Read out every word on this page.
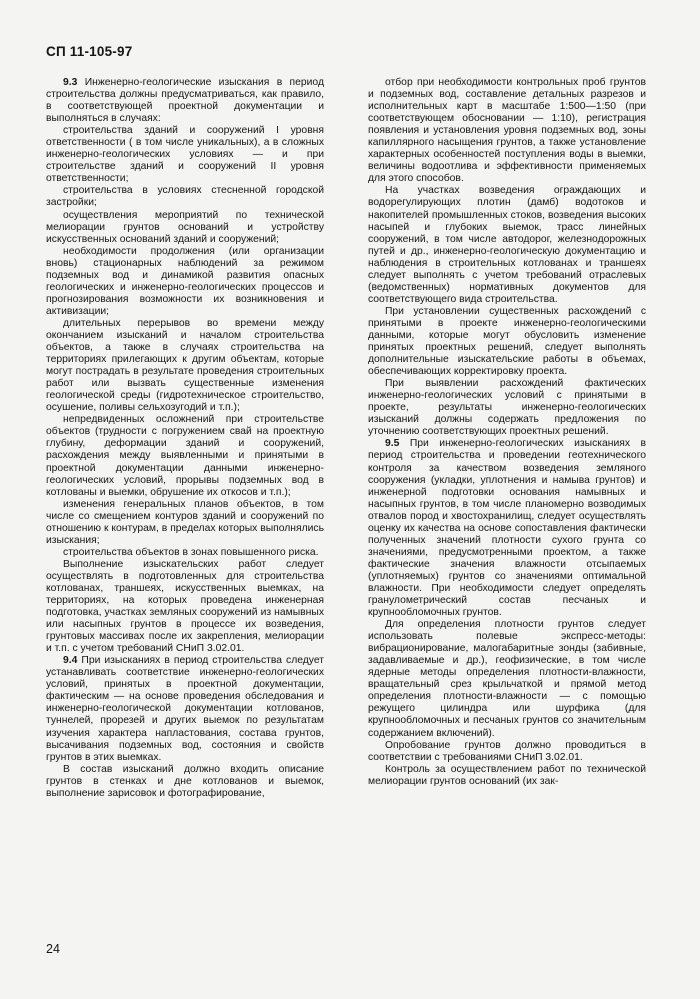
СП 11-105-97

9.3 Инженерно-геологические изыскания в период строительства должны предусматриваться, как правило, в соответствующей проектной документации и выполняться в случаях:

строительства зданий и сооружений I уровня ответственности ( в том числе уникальных), а в сложных инженерно-геологических условиях — и при строительстве зданий и сооружений II уровня ответственности;

строительства в условиях стесненной городской застройки;

осуществления мероприятий по технической мелиорации грунтов оснований и устройству искусственных оснований зданий и сооружений;

необходимости продолжения (или организации вновь) стационарных наблюдений за режимом подземных вод и динамикой развития опасных геологических и инженерно-геологических процессов и прогнозирования возможности их возникновения и активизации;

длительных перерывов во времени между окончанием изысканий и началом строительства объектов, а также в случаях строительства на территориях прилегающих к другим объектам, которые могут пострадать в результате проведения строительных работ или вызвать существенные изменения геологической среды (гидротехническое строительство, осушение, поливы сельхозугодий и т.п.);

непредвиденных осложнений при строительстве объектов (трудности с погружением свай на проектную глубину, деформации зданий и сооружений, расхождения между выявленными и принятыми в проектной документации данными инженерно-геологических условий, прорывы подземных вод в котлованы и выемки, обрушение их откосов и т.п.);

изменения генеральных планов объектов, в том числе со смещением контуров зданий и сооружений по отношению к контурам, в пределах которых выполнялись изыскания;

строительства объектов в зонах повышенного риска.

Выполнение изыскательских работ следует осуществлять в подготовленных для строительства котлованах, траншеях, искусственных выемках, на территориях, на которых проведена инженерная подготовка, участках земляных сооружений из намывных или насыпных грунтов в процессе их возведения, грунтовых массивах после их закрепления, мелиорации и т.п. с учетом требований СНиП 3.02.01.

9.4 При изысканиях в период строительства следует устанавливать соответствие инженерно-геологических условий, принятых в проектной документации, фактическим — на основе проведения обследования и инженерно-геологической документации котлованов, туннелей, прорезей и других выемок по результатам изучения характера напластования, состава грунтов, высачивания подземных вод, состояния и свойств грунтов в этих выемках.

В состав изысканий должно входить описание грунтов в стенках и дне котлованов и выемок, выполнение зарисовок и фотографирование,

отбор при необходимости контрольных проб грунтов и подземных вод, составление детальных разрезов и исполнительных карт в масштабе 1:500—1:50 (при соответствующем обосновании — 1:10), регистрация появления и установления уровня подземных вод, зоны капиллярного насыщения грунтов, а также установление характерных особенностей поступления воды в выемки, величины водоотлива и эффективности применяемых для этого способов.

На участках возведения ограждающих и водорегулирующих плотин (дамб) водотоков и накопителей промышленных стоков, возведения высоких насыпей и глубоких выемок, трасс линейных сооружений, в том числе автодорог, железнодорожных путей и др., инженерно-геологическую документацию и наблюдения в строительных котлованах и траншеях следует выполнять с учетом требований отраслевых (ведомственных) нормативных документов для соответствующего вида строительства.

При установлении существенных расхождений с принятыми в проекте инженерно-геологическими данными, которые могут обусловить изменение принятых проектных решений, следует выполнять дополнительные изыскательские работы в объемах, обеспечивающих корректировку проекта.

При выявлении расхождений фактических инженерно-геологических условий с принятыми в проекте, результаты инженерно-геологических изысканий должны содержать предложения по уточнению соответствующих проектных решений.

9.5 При инженерно-геологических изысканиях в период строительства и проведении геотехнического контроля за качеством возведения земляного сооружения (укладки, уплотнения и намыва грунтов) и инженерной подготовки основания намывных и насыпных грунтов, в том числе планомерно возводимых отвалов пород и хвостохранилищ, следует осуществлять оценку их качества на основе сопоставления фактически полученных значений плотности сухого грунта со значениями, предусмотренными проектом, а также фактические значения влажности отсыпаемых (уплотняемых) грунтов со значениями оптимальной влажности. При необходимости следует определять гранулометрический состав песчаных и крупнообломочных грунтов.

Для определения плотности грунтов следует использовать полевые экспресс-методы: вибрационирование, малогабаритные зонды (забивные, задавливаемые и др.), геофизические, в том числе ядерные методы определения плотности-влажности, вращательный срез крыльчаткой и прямой метод определения плотности-влажности — с помощью режущего цилиндра или шурфика (для крупнообломочных и песчаных грунтов со значительным содержанием включений).

Опробование грунтов должно проводиться в соответствии с требованиями СНиП 3.02.01.

Контроль за осуществлением работ по технической мелиорации грунтов оснований (их зак-

24
